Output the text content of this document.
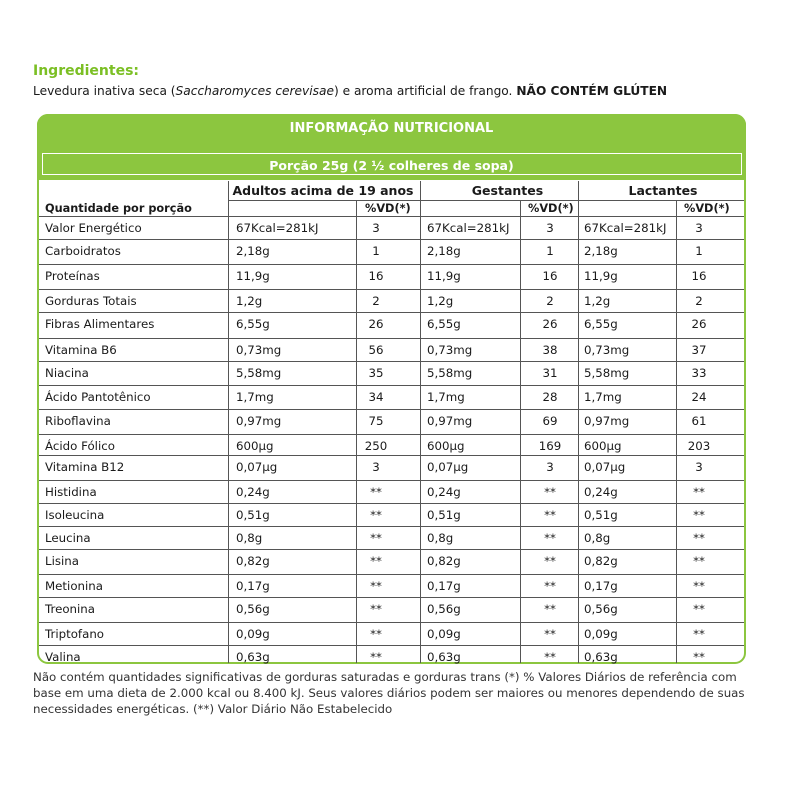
Ingredientes:
Levedura inativa seca (Saccharomyces cerevisae) e aroma artificial de frango. NÃO CONTÉM GLÚTEN
INFORMAÇÃO NUTRICIONAL
Porção 25g (2 ½ colheres de sopa)
Adultos acima de 19 anos	Gestantes	Lactantes
Quantidade por porção	%VD(*)	%VD(*)	%VD(*)
Valor Energético	67Kcal=281kJ	3	67Kcal=281kJ	3	67Kcal=281kJ	3
Carboidratos	2,18g	1	2,18g	1	2,18g	1
Proteínas	11,9g	16	11,9g	16	11,9g	16
Gorduras Totais	1,2g	2	1,2g	2	1,2g	2
Fibras Alimentares	6,55g	26	6,55g	26	6,55g	26
Vitamina B6	0,73mg	56	0,73mg	38	0,73mg	37
Niacina	5,58mg	35	5,58mg	31	5,58mg	33
Ácido Pantotênico	1,7mg	34	1,7mg	28	1,7mg	24
Riboflavina	0,97mg	75	0,97mg	69	0,97mg	61
Ácido Fólico	600µg	250	600µg	169	600µg	203
Vitamina B12	0,07µg	3	0,07µg	3	0,07µg	3
Histidina	0,24g	**	0,24g	**	0,24g	**
Isoleucina	0,51g	**	0,51g	**	0,51g	**
Leucina	0,8g	**	0,8g	**	0,8g	**
Lisina	0,82g	**	0,82g	**	0,82g	**
Metionina	0,17g	**	0,17g	**	0,17g	**
Treonina	0,56g	**	0,56g	**	0,56g	**
Triptofano	0,09g	**	0,09g	**	0,09g	**
Valina	0,63g	**	0,63g	**	0,63g	**
Não contém quantidades significativas de gorduras saturadas e gorduras trans (*) % Valores Diários de referência com base em uma dieta de 2.000 kcal ou 8.400 kJ. Seus valores diários podem ser maiores ou menores dependendo de suas necessidades energéticas. (**) Valor Diário Não Estabelecido
